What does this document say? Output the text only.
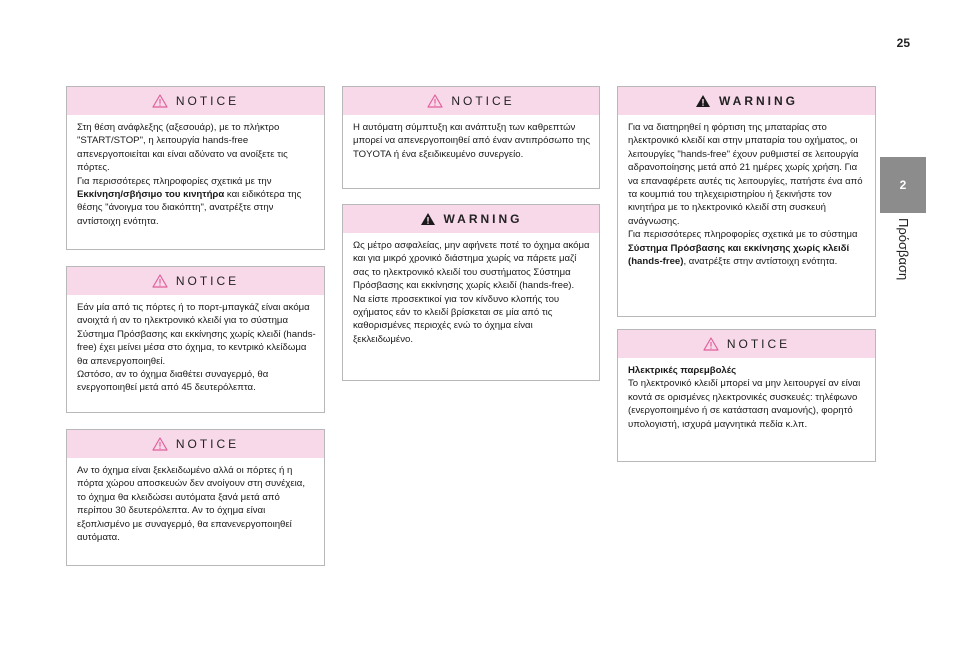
25
2
Πρόσβαση
NOTICE

Στη θέση ανάφλεξης (αξεσουάρ), με το πλήκτρο "START/STOP", η λειτουργία hands-free απενεργοποιείται και είναι αδύνατο να ανοίξετε τις πόρτες.

Για περισσότερες πληροφορίες σχετικά με την Εκκίνηση/σβήσιμο του κινητήρα και ειδικότερα της θέσης "άνοιγμα του διακόπτη", ανατρέξτε στην αντίστοιχη ενότητα.

NOTICE

Εάν μία από τις πόρτες ή το πορτ-μπαγκάζ είναι ακόμα ανοιχτά ή αν το ηλεκτρονικό κλειδί για το σύστημα Σύστημα Πρόσβασης και εκκίνησης χωρίς κλειδί (hands-free) έχει μείνει μέσα στο όχημα, το κεντρικό κλείδωμα θα απενεργοποιηθεί.

Ωστόσο, αν το όχημα διαθέτει συναγερμό, θα ενεργοποιηθεί μετά από 45 δευτερόλεπτα.

NOTICE

Αν το όχημα είναι ξεκλειδωμένο αλλά οι πόρτες ή η πόρτα χώρου αποσκευών δεν ανοίγουν στη συνέχεια, το όχημα θα κλειδώσει αυτόματα ξανά μετά από περίπου 30 δευτερόλεπτα. Αν το όχημα είναι εξοπλισμένο με συναγερμό, θα επανενεργοποιηθεί αυτόματα.

NOTICE

Η αυτόματη σύμπτυξη και ανάπτυξη των καθρεπτών μπορεί να απενεργοποιηθεί από έναν αντιπρόσωπο της TOYOTA ή ένα εξειδικευμένο συνεργείο.

WARNING

Ως μέτρο ασφαλείας, μην αφήνετε ποτέ το όχημα ακόμα και για μικρό χρονικό διάστημα χωρίς να πάρετε μαζί σας το ηλεκτρονικό κλειδί του συστήματος Σύστημα Πρόσβασης και εκκίνησης χωρίς κλειδί (hands-free).

Να είστε προσεκτικοί για τον κίνδυνο κλοπής του οχήματος εάν το κλειδί βρίσκεται σε μία από τις καθορισμένες περιοχές ενώ το όχημα είναι ξεκλειδωμένο.

WARNING

Για να διατηρηθεί η φόρτιση της μπαταρίας στο ηλεκτρονικό κλειδί και στην μπαταρία του οχήματος, οι λειτουργίες "hands-free" έχουν ρυθμιστεί σε λειτουργία αδρανοποίησης μετά από 21 ημέρες χωρίς χρήση. Για να επαναφέρετε αυτές τις λειτουργίες, πατήστε ένα από τα κουμπιά του τηλεχειριστηρίου ή ξεκινήστε τον κινητήρα με το ηλεκτρονικό κλειδί στη συσκευή ανάγνωσης.

Για περισσότερες πληροφορίες σχετικά με το σύστημα Σύστημα Πρόσβασης και εκκίνησης χωρίς κλειδί (hands-free), ανατρέξτε στην αντίστοιχη ενότητα.

NOTICE

Ηλεκτρικές παρεμβολές

Το ηλεκτρονικό κλειδί μπορεί να μην λειτουργεί αν είναι κοντά σε ορισμένες ηλεκτρονικές συσκευές: τηλέφωνο (ενεργοποιημένο ή σε κατάσταση αναμονής), φορητό υπολογιστή, ισχυρά μαγνητικά πεδία κ.λπ.
